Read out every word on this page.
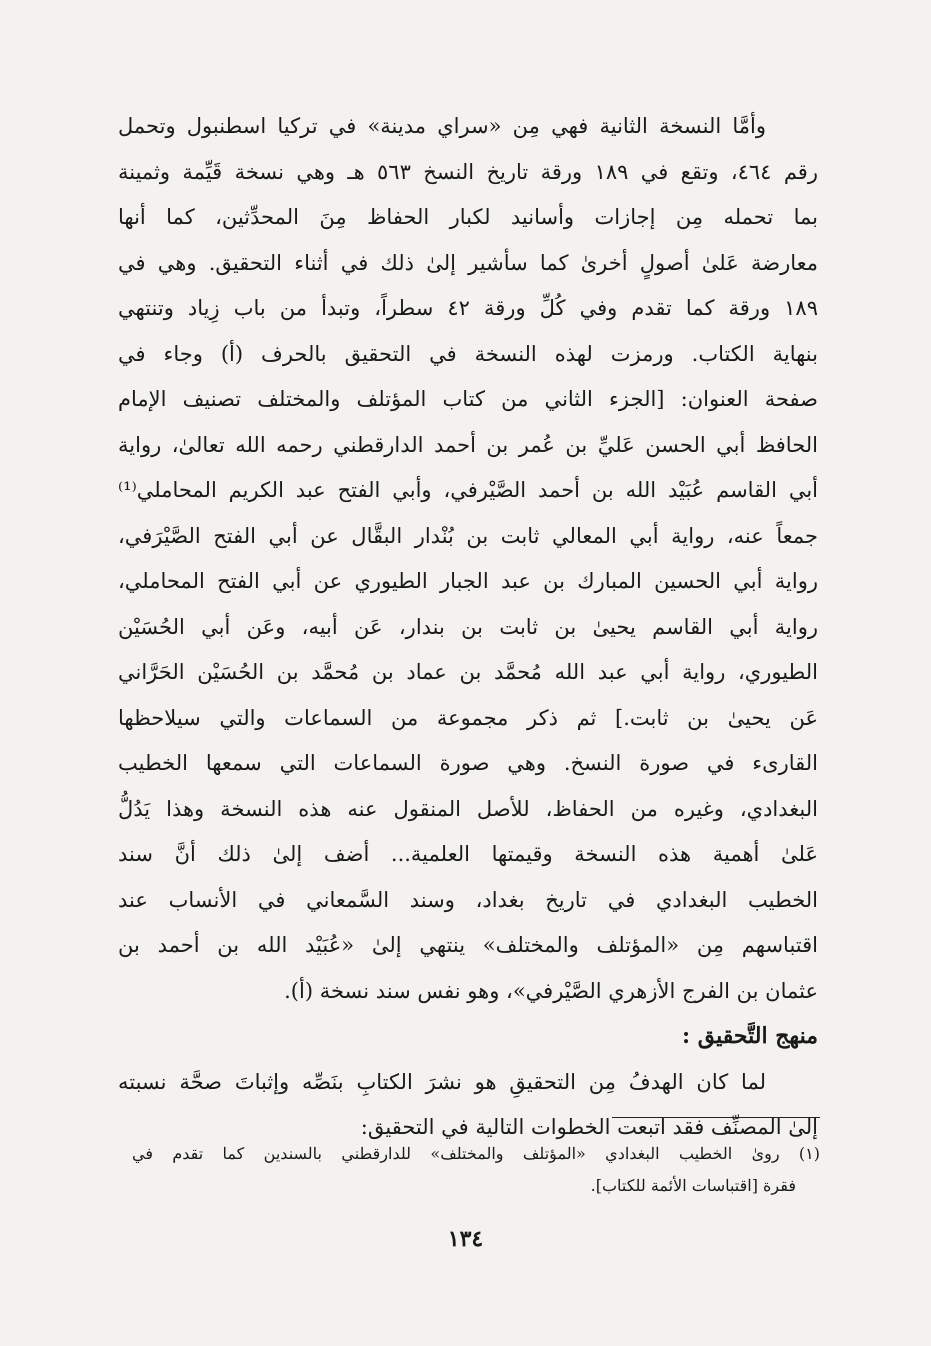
وأمَّا النسخة الثانية فهي مِن «سراي مدينة» في تركيا اسطنبول وتحمل
رقم ٤٦٤، وتقع في ١٨٩ ورقة تاريخ النسخ ٥٦٣ هـ وهي نسخة قَيِّمة وثمينة
بما تحمله مِن إجازات وأسانيد لكبار الحفاظ مِنَ المحدِّثين، كما أنها
معارضة عَلىٰ أصولٍ أخرىٰ كما سأشير إلىٰ ذلك في أثناء التحقيق. وهي في
١٨٩ ورقة كما تقدم وفي كُلِّ ورقة ٤٢ سطراً، وتبدأ من باب زِياد وتنتهي
بنهاية الكتاب. ورمزت لهذه النسخة في التحقيق بالحرف (أ) وجاء في
صفحة العنوان: [الجزء الثاني من كتاب المؤتلف والمختلف تصنيف الإمام
الحافظ أبي الحسن عَليِّ بن عُمر بن أحمد الدارقطني رحمه الله تعالىٰ، رواية
أبي القاسم عُبَيْد الله بن أحمد الصَّيْرفي، وأبي الفتح عبد الكريم المحاملي⁽¹⁾
جمعاً عنه، رواية أبي المعالي ثابت بن بُنْدار البقَّال عن أبي الفتح الصَّيْرَفي،
رواية أبي الحسين المبارك بن عبد الجبار الطيوري عن أبي الفتح المحاملي،
رواية أبي القاسم يحيىٰ بن ثابت بن بندار، عَن أبيه، وعَن أبي الحُسَيْن
الطيوري، رواية أبي عبد الله مُحمَّد بن عماد بن مُحمَّد بن الحُسَيْن الحَرَّاني
عَن يحيىٰ بن ثابت.] ثم ذكر مجموعة من السماعات والتي سيلاحظها
القارىء في صورة النسخ. وهي صورة السماعات التي سمعها الخطيب
البغدادي، وغيره من الحفاظ، للأصل المنقول عنه هذه النسخة وهذا يَدُلُّ
عَلىٰ أهمية هذه النسخة وقيمتها العلمية... أضف إلىٰ ذلك أنَّ سند
الخطيب البغدادي في تاريخ بغداد، وسند السَّمعاني في الأنساب عند
اقتباسهم مِن «المؤتلف والمختلف» ينتهي إلىٰ «عُبَيْد الله بن أحمد بن
عثمان بن الفرج الأزهري الصَّيْرفي»، وهو نفس سند نسخة (أ).
منهج التَّحقيق :
لما كان الهدفُ مِن التحقيقِ هو نشرَ الكتابِ بنَصِّه وإثباتَ صحَّة نسبته
إلىٰ المصنِّف فقد اتبعت الخطوات التالية في التحقيق:
(١) روىٰ الخطيب البغدادي «المؤتلف والمختلف» للدارقطني بالسندين كما تقدم في
فقرة [اقتباسات الأئمة للكتاب].
١٣٤
